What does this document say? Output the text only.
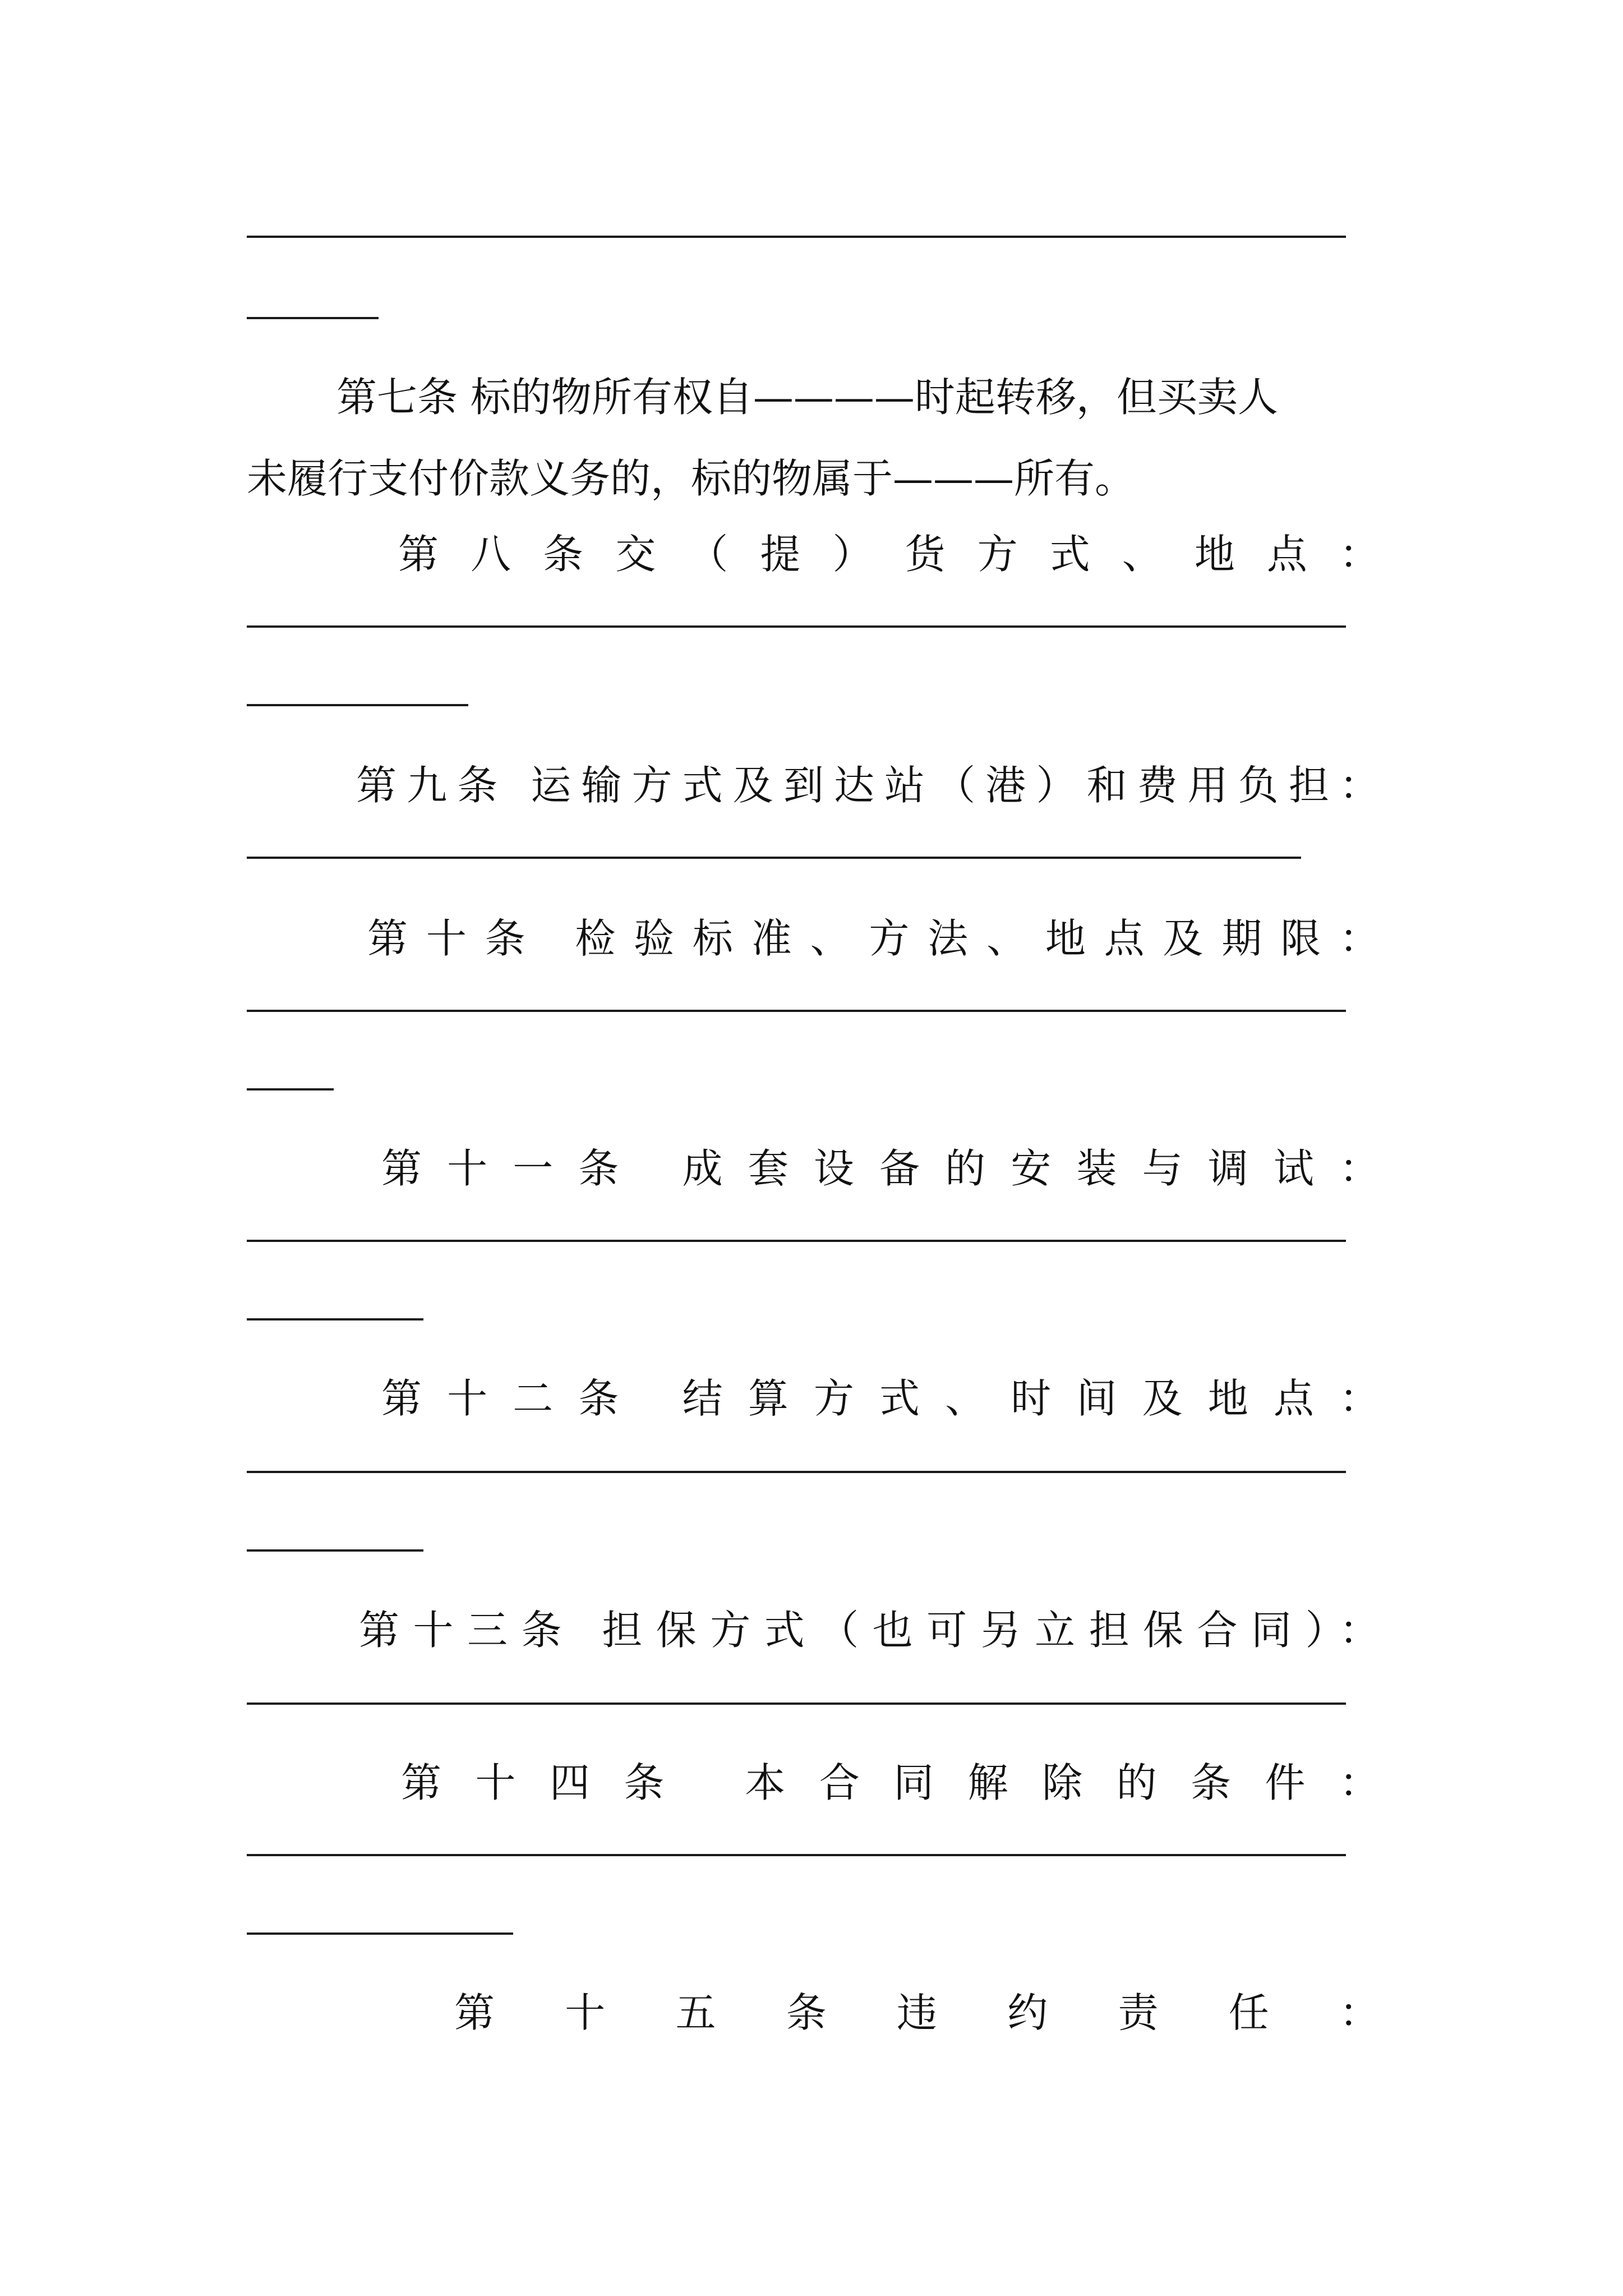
第七条 标的物所有权自————时起转移，但买卖人
未履行支付价款义务的，标的物属于———所有。
第 八 条 交 （ 提 ） 货 方 式 、 地 点 ：
第九条 运输方式及到达站（港）和费用负担：
第十条 检验标准、方法、地点及期限：
第十一条 成套设备的安装与调试：
第十二条 结算方式、时间及地点：
第十三条 担保方式（也可另立担保合同）：
第十四条 本合同解除的条件：
第 十 五 条 违 约 责 任 ：
